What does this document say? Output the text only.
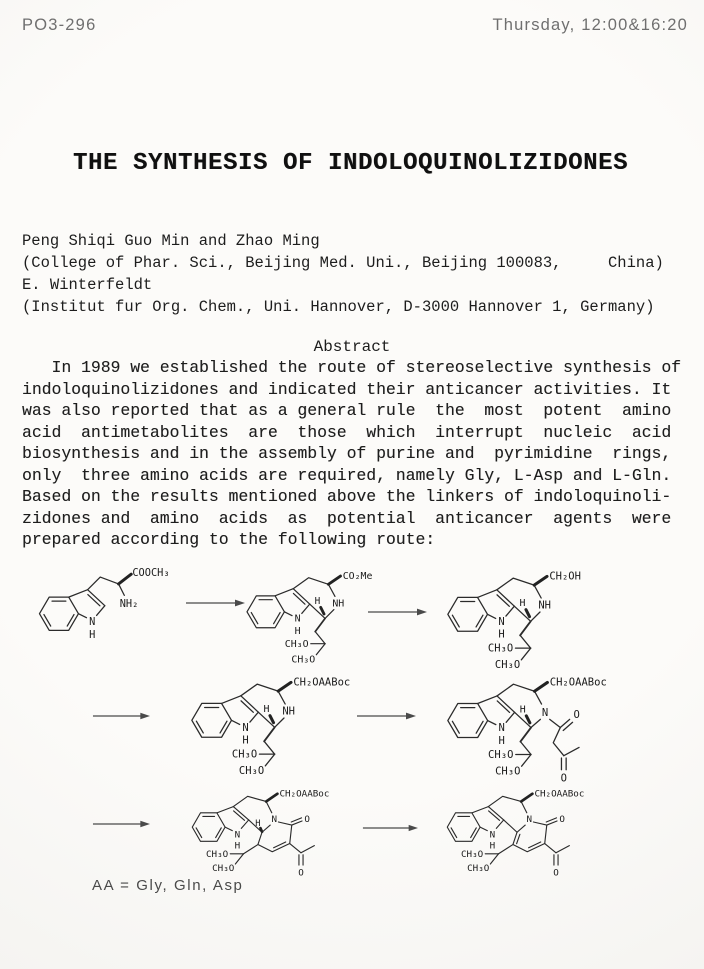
PO3-296	Thursday, 12:00&16:20
THE SYNTHESIS OF INDOLOQUINOLIZIDONES
Peng Shiqi Guo Min and Zhao Ming
(College of Phar. Sci., Beijing Med. Uni., Beijing 100083,     China)
E. Winterfeldt
(Institut fur Org. Chem., Uni. Hannover, D-3000 Hannover 1, Germany)
Abstract
In 1989 we established the route of stereoselective synthesis of
indoloquinolizidones and indicated their anticancer activities. It
was also reported that as a general rule  the  most  potent  amino
acid  antimetabolites  are  those  which  interrupt  nucleic  acid
biosynthesis and in the assembly of purine and  pyrimidine  rings,
only  three amino acids are required, namely Gly, L-Asp and L-Gln.
Based on the results mentioned above the linkers of indoloquinoli-
zidones and  amino  acids  as  potential  anticancer  agents  were
prepared according to the following route:
N
H
COOCH₃
NH₂
N
H
NH
H
CO₂Me
CH₃O
CH₃O
N
H
NH
H
CH₂OH
CH₃O
CH₃O
N
H
NH
H
CH₂OAABoc
CH₃O
CH₃O
N
H
N
H
CH₂OAABoc
O
O
CH₃O
CH₃O
N
H
N
H
CH₂OAABoc
O
O
CH₃O
CH₃O
N
H
N
CH₂OAABoc
O
O
CH₃O
CH₃O
AA = Gly, Gln, Asp
